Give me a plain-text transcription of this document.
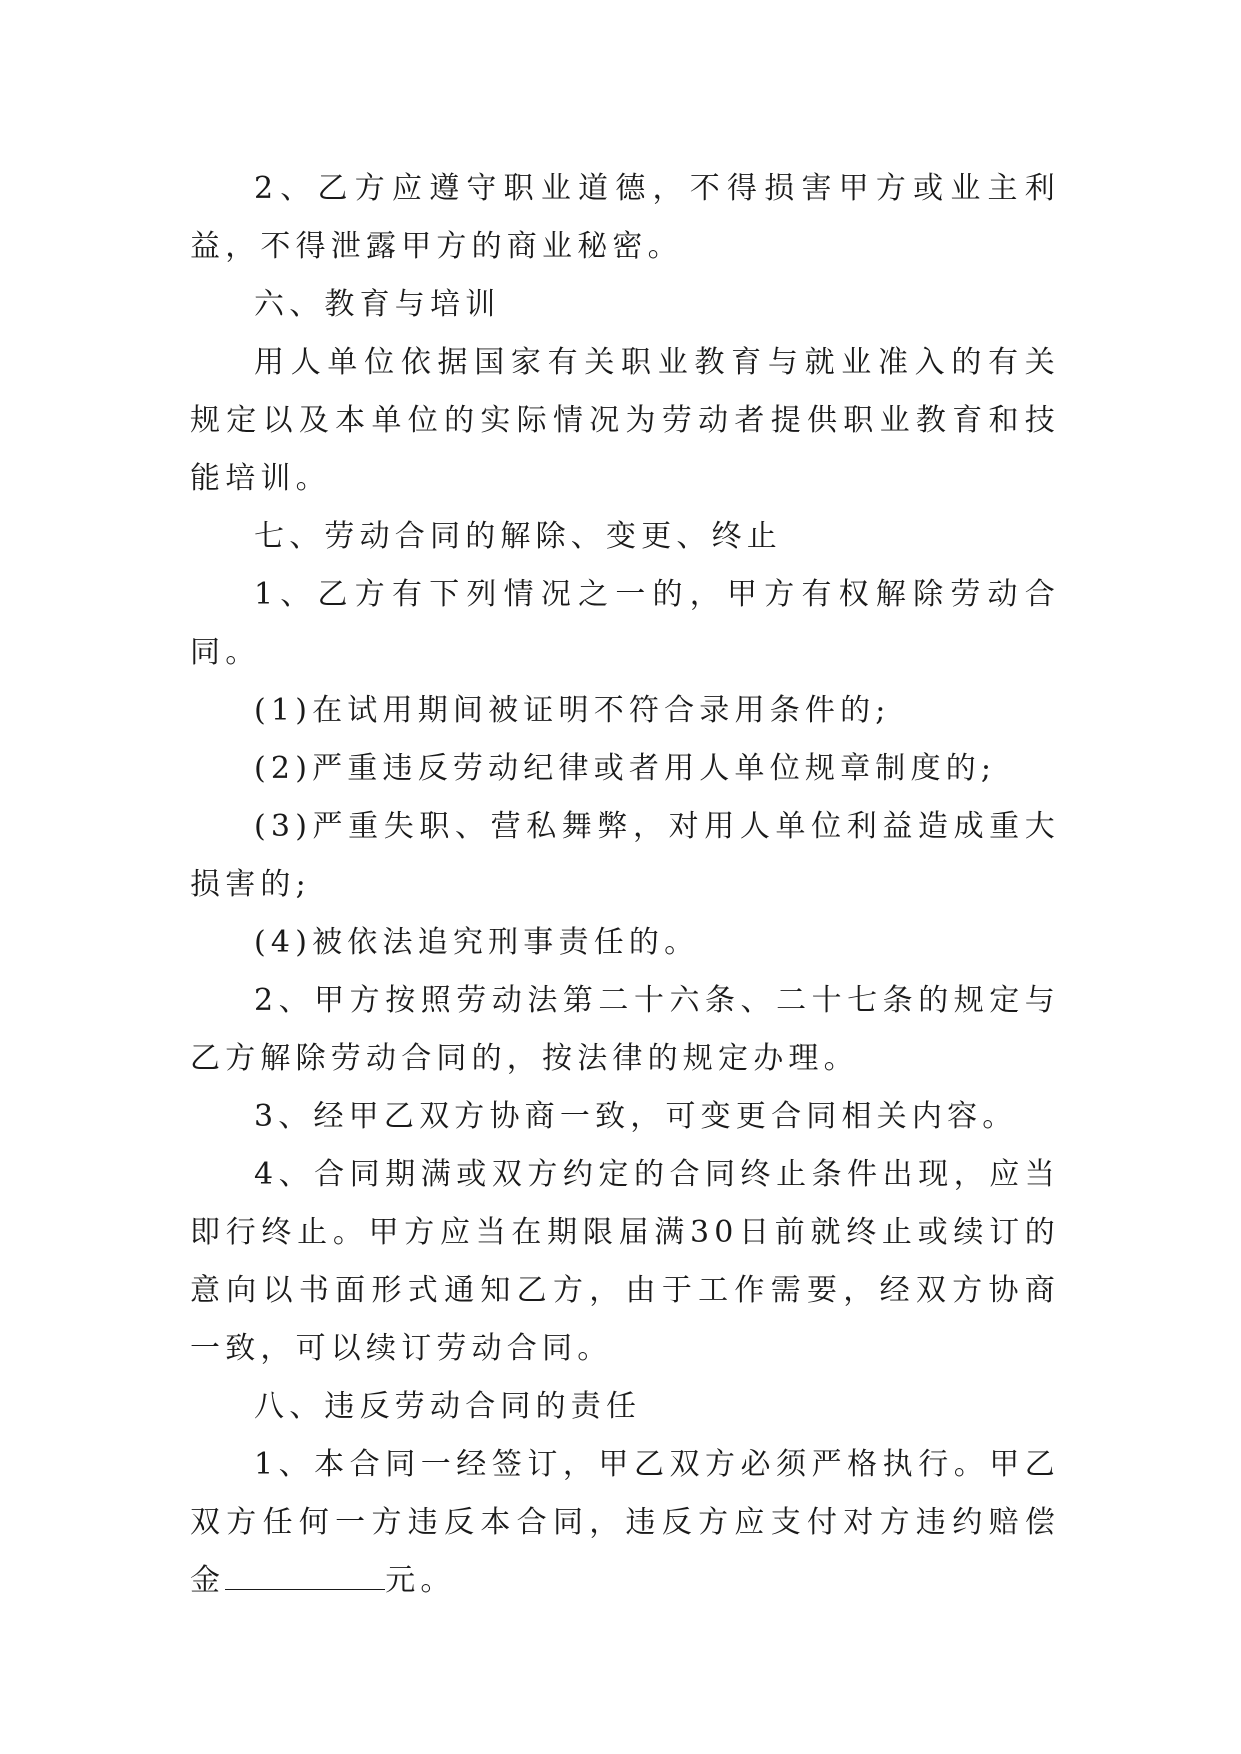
2、乙方应遵守职业道德，不得损害甲方或业主利益，不得泄露甲方的商业秘密。

六、教育与培训

用人单位依据国家有关职业教育与就业准入的有关规定以及本单位的实际情况为劳动者提供职业教育和技能培训。

七、劳动合同的解除、变更、终止

1、乙方有下列情况之一的，甲方有权解除劳动合同。

(1)在试用期间被证明不符合录用条件的;

(2)严重违反劳动纪律或者用人单位规章制度的;

(3)严重失职、营私舞弊，对用人单位利益造成重大损害的;

(4)被依法追究刑事责任的。

2、甲方按照劳动法第二十六条、二十七条的规定与乙方解除劳动合同的，按法律的规定办理。

3、经甲乙双方协商一致，可变更合同相关内容。

4、合同期满或双方约定的合同终止条件出现，应当即行终止。甲方应当在期限届满30日前就终止或续订的意向以书面形式通知乙方，由于工作需要，经双方协商一致，可以续订劳动合同。

八、违反劳动合同的责任

1、本合同一经签订，甲乙双方必须严格执行。甲乙双方任何一方违反本合同，违反方应支付对方违约赔偿金	元。
